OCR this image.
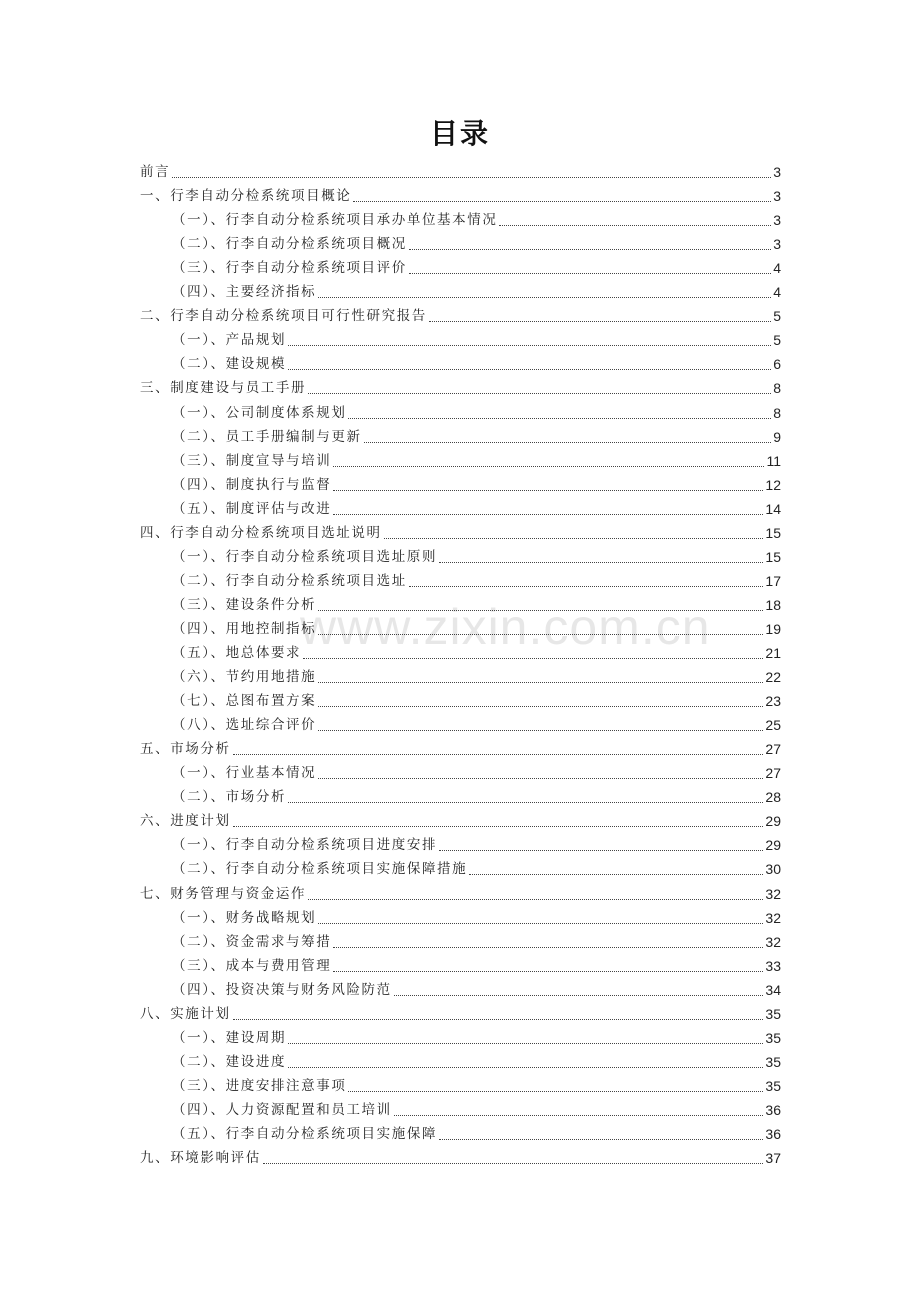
目录
前言	3
一、行李自动分检系统项目概论	3
（一）、行李自动分检系统项目承办单位基本情况	3
（二）、行李自动分检系统项目概况	3
（三）、行李自动分检系统项目评价	4
（四）、主要经济指标	4
二、行李自动分检系统项目可行性研究报告	5
（一）、产品规划	5
（二）、建设规模	6
三、制度建设与员工手册	8
（一）、公司制度体系规划	8
（二）、员工手册编制与更新	9
（三）、制度宣导与培训	11
（四）、制度执行与监督	12
（五）、制度评估与改进	14
四、行李自动分检系统项目选址说明	15
（一）、行李自动分检系统项目选址原则	15
（二）、行李自动分检系统项目选址	17
（三）、建设条件分析	18
（四）、用地控制指标	19
（五）、地总体要求	21
（六）、节约用地措施	22
（七）、总图布置方案	23
（八）、选址综合评价	25
五、市场分析	27
（一）、行业基本情况	27
（二）、市场分析	28
六、进度计划	29
（一）、行李自动分检系统项目进度安排	29
（二）、行李自动分检系统项目实施保障措施	30
七、财务管理与资金运作	32
（一）、财务战略规划	32
（二）、资金需求与筹措	32
（三）、成本与费用管理	33
（四）、投资决策与财务风险防范	34
八、实施计划	35
（一）、建设周期	35
（二）、建设进度	35
（三）、进度安排注意事项	35
（四）、人力资源配置和员工培训	36
（五）、行李自动分检系统项目实施保障	36
九、环境影响评估	37
www.zixin.com.cn
